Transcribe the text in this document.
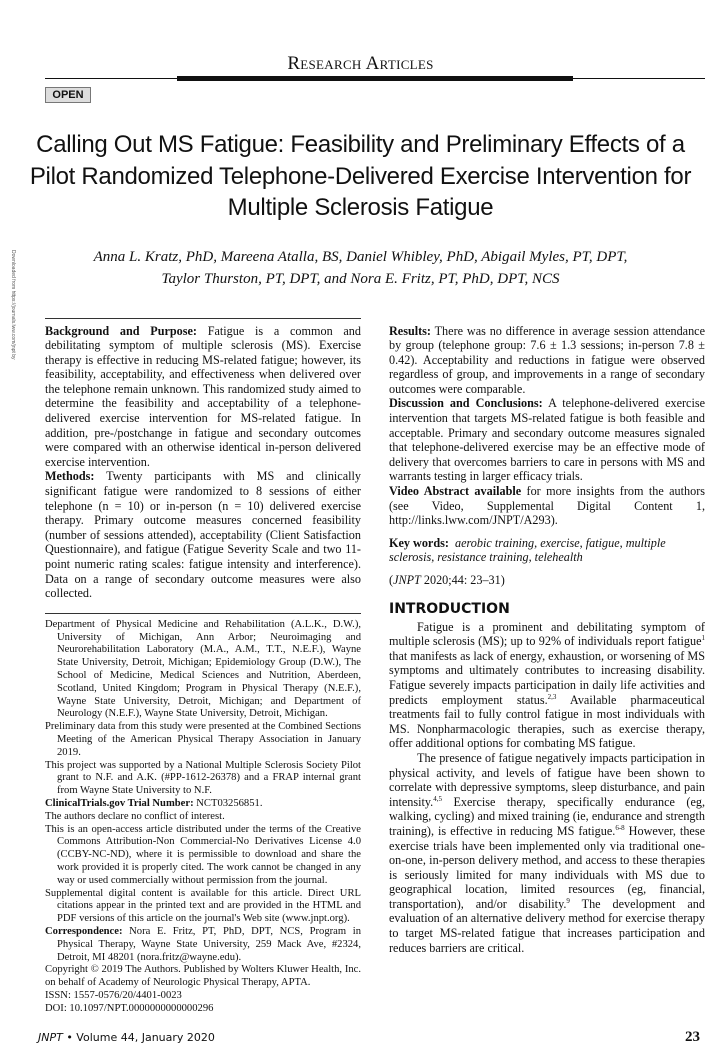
Downloaded from https://journals.lww.com/jnpt by
Research Articles
OPEN
Calling Out MS Fatigue: Feasibility and Preliminary Effects of a Pilot Randomized Telephone-Delivered Exercise Intervention for Multiple Sclerosis Fatigue
Anna L. Kratz, PhD, Mareena Atalla, BS, Daniel Whibley, PhD, Abigail Myles, PT, DPT,
Taylor Thurston, PT, DPT, and Nora E. Fritz, PT, PhD, DPT, NCS

Background and Purpose: Fatigue is a common and debilitating symptom of multiple sclerosis (MS). Exercise therapy is effective in reducing MS-related fatigue; however, its feasibility, acceptability, and effectiveness when delivered over the telephone remain unknown. This randomized study aimed to determine the feasibility and acceptability of a telephone-delivered exercise intervention for MS-related fatigue. In addition, pre-/postchange in fatigue and secondary outcomes were compared with an otherwise identical in-person delivered exercise intervention.

Methods: Twenty participants with MS and clinically significant fatigue were randomized to 8 sessions of either telephone (n = 10) or in-person (n = 10) delivered exercise therapy. Primary outcome measures concerned feasibility (number of sessions attended), acceptability (Client Satisfaction Questionnaire), and fatigue (Fatigue Severity Scale and two 11-point numeric rating scales: fatigue intensity and interference). Data on a range of secondary outcome measures were also collected.

Department of Physical Medicine and Rehabilitation (A.L.K., D.W.), University of Michigan, Ann Arbor; Neuroimaging and Neurorehabilitation Laboratory (M.A., A.M., T.T., N.E.F.), Wayne State University, Detroit, Michigan; Epidemiology Group (D.W.), The School of Medicine, Medical Sciences and Nutrition, Aberdeen, Scotland, United Kingdom; Program in Physical Therapy (N.E.F.), Wayne State University, Detroit, Michigan; and Department of Neurology (N.E.F.), Wayne State University, Detroit, Michigan.

Preliminary data from this study were presented at the Combined Sections Meeting of the American Physical Therapy Association in January 2019.

This project was supported by a National Multiple Sclerosis Society Pilot grant to N.F. and A.K. (#PP-1612-26378) and a FRAP internal grant from Wayne State University to N.F.

ClinicalTrials.gov Trial Number: NCT03256851.

The authors declare no conflict of interest.

This is an open-access article distributed under the terms of the Creative Commons Attribution-Non Commercial-No Derivatives License 4.0 (CCBY-NC-ND), where it is permissible to download and share the work provided it is properly cited. The work cannot be changed in any way or used commercially without permission from the journal.

Supplemental digital content is available for this article. Direct URL citations appear in the printed text and are provided in the HTML and PDF versions of this article on the journal's Web site (www.jnpt.org).

Correspondence: Nora E. Fritz, PT, PhD, DPT, NCS, Program in Physical Therapy, Wayne State University, 259 Mack Ave, #2324, Detroit, MI 48201 (nora.fritz@wayne.edu).

Copyright © 2019 The Authors. Published by Wolters Kluwer Health, Inc. on behalf of Academy of Neurologic Physical Therapy, APTA.

ISSN: 1557-0576/20/4401-0023

DOI: 10.1097/NPT.0000000000000296

Results: There was no difference in average session attendance by group (telephone group: 7.6 ± 1.3 sessions; in-person 7.8 ± 0.42). Acceptability and reductions in fatigue were observed regardless of group, and improvements in a range of secondary outcomes were comparable.

Discussion and Conclusions: A telephone-delivered exercise intervention that targets MS-related fatigue is both feasible and acceptable. Primary and secondary outcome measures signaled that telephone-delivered exercise may be an effective mode of delivery that overcomes barriers to care in persons with MS and warrants testing in larger efficacy trials.

Video Abstract available for more insights from the authors (see Video, Supplemental Digital Content 1, http://links.lww.com/JNPT/A293).

Key words: aerobic training, exercise, fatigue, multiple sclerosis, resistance training, telehealth

(JNPT 2020;44: 23–31)

INTRODUCTION

Fatigue is a prominent and debilitating symptom of multiple sclerosis (MS); up to 92% of individuals report fatigue$^1$ that manifests as lack of energy, exhaustion, or worsening of MS symptoms and ultimately contributes to increasing disability. Fatigue severely impacts participation in daily life activities and predicts employment status.$^{2,3}$ Available pharmaceutical treatments fail to fully control fatigue in most individuals with MS. Nonpharmacologic therapies, such as exercise therapy, offer additional options for combating MS fatigue.

The presence of fatigue negatively impacts participation in physical activity, and levels of fatigue have been shown to correlate with depressive symptoms, sleep disturbance, and pain intensity.$^{4,5}$ Exercise therapy, specifically endurance (eg, walking, cycling) and mixed training (ie, endurance and strength training), is effective in reducing MS fatigue.$^{6-8}$ However, these exercise trials have been implemented only via traditional one-on-one, in-person delivery method, and access to these therapies is seriously limited for many individuals with MS due to geographical location, limited resources (eg, financial, transportation), and/or disability.$^9$ The development and evaluation of an alternative delivery method for exercise therapy to target MS-related fatigue that increases participation and reduces barriers are critical.

JNPT • Volume 44, January 2020	23
